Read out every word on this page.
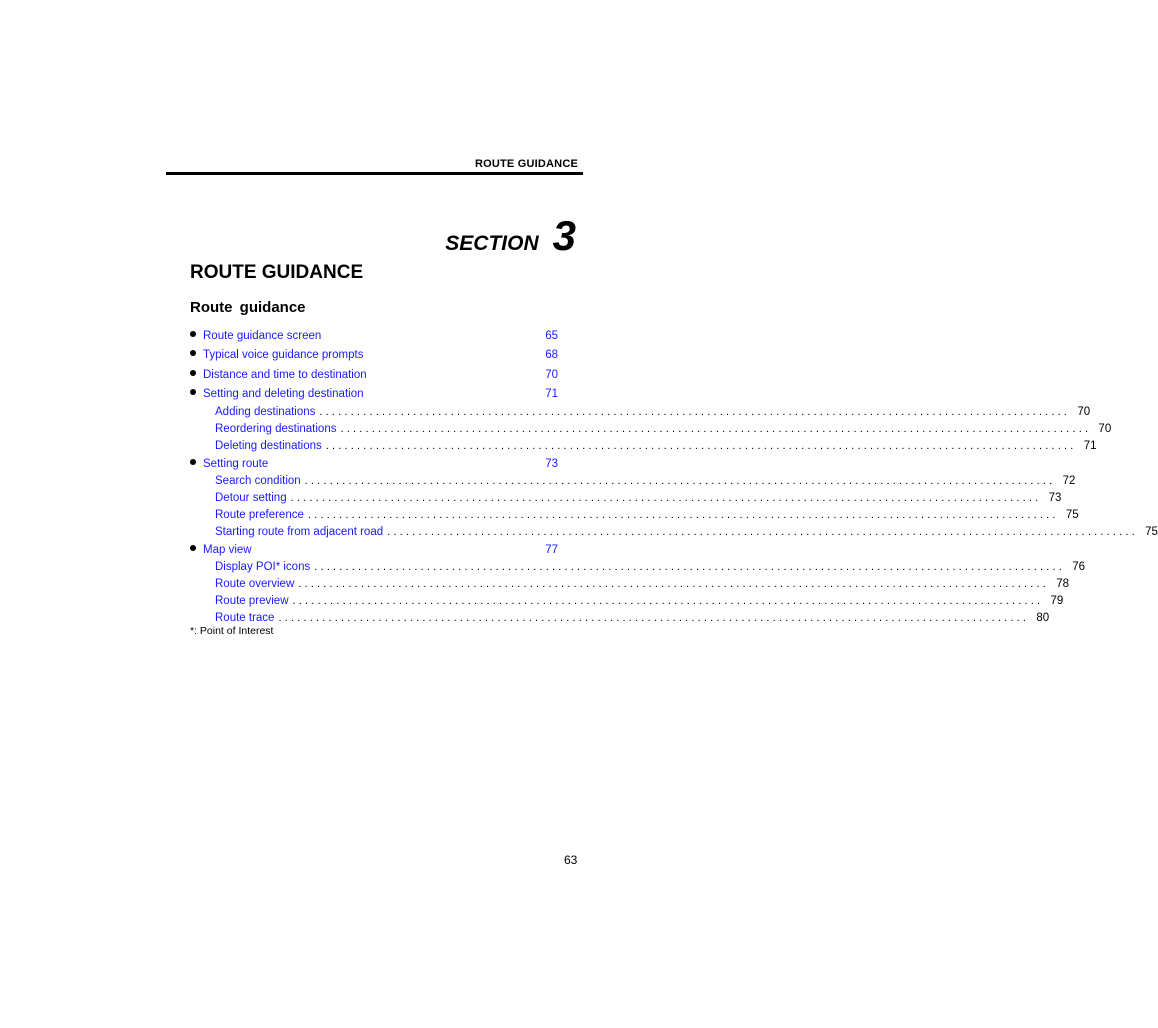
ROUTE GUIDANCE
SECTION 3
ROUTE GUIDANCE
Route guidance
Route guidance screen	65
Typical voice guidance prompts	68
Distance and time to destination	70
Setting and deleting destination	71
Adding destinations ........................................................................................................................ 70
Reordering destinations ........................................................................................................................ 70
Deleting destinations ........................................................................................................................ 71
Setting route	73
Search condition ........................................................................................................................ 72
Detour setting ........................................................................................................................ 73
Route preference ........................................................................................................................ 75
Starting route from adjacent road ........................................................................................................................ 75
Map view	77
Display POI* icons ........................................................................................................................ 76
Route overview ........................................................................................................................ 78
Route preview ........................................................................................................................ 79
Route trace ........................................................................................................................ 80
*: Point of Interest
63
